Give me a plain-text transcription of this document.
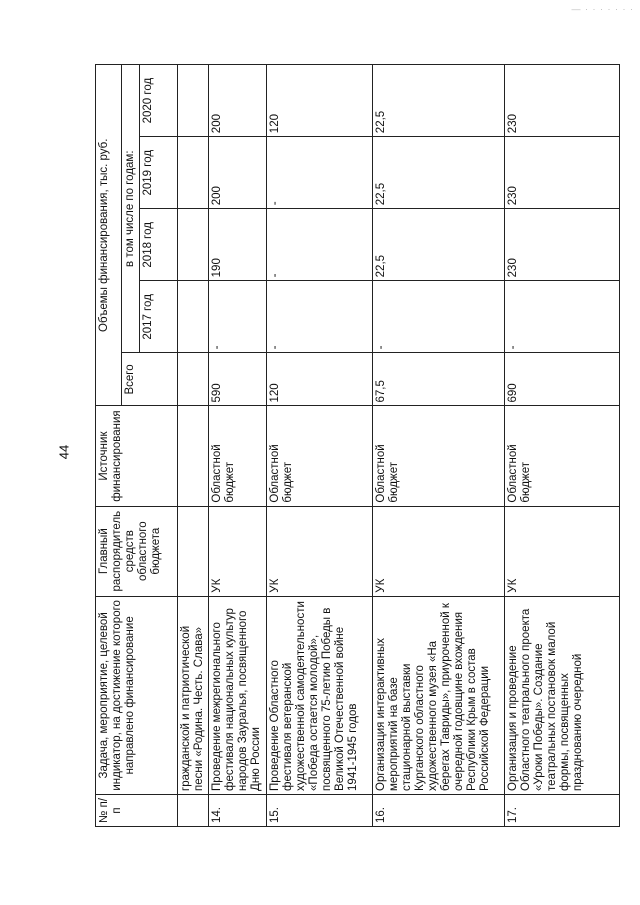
— · · · · · · ·
44
№ п/п	Задача, мероприятие, целевой индикатор, на достижение которого направлено финансирование	Главный распорядитель средств областного бюджета	Источник финансирования	Объемы финансирования, тыс. руб.				
				Всего	в том числе по годам:			
					2017 год	2018 год	2019 год	2020 год
	гражданской и патриотической песни «Родина. Честь. Слава»							
14.	Проведение межрегионального фестиваля национальных культур народов Зауралья, посвященного Дню России	УК	Областной бюджет	590	-	190	200	200
15.	Проведение Областного фестиваля ветеранской художественной самодеятельности «Победа остается молодой», посвященного 75-летию Победы в Великой Отечественной войне 1941-1945 годов	УК	Областной бюджет	120	-	-	-	120
16.	Организация интерактивных мероприятий на базе стационарной выставки Курганского областного художественного музея «На берегах Тавриды», приуроченной к очередной годовщине вхождения Республики Крым в состав Российской Федерации	УК	Областной бюджет	67,5	-	22,5	22,5	22,5
17.	Организация и проведение Областного театрального проекта «Уроки Победы». Создание театральных постановок малой формы, посвященных празднованию очередной	УК	Областной бюджет	690	-	230	230	230
